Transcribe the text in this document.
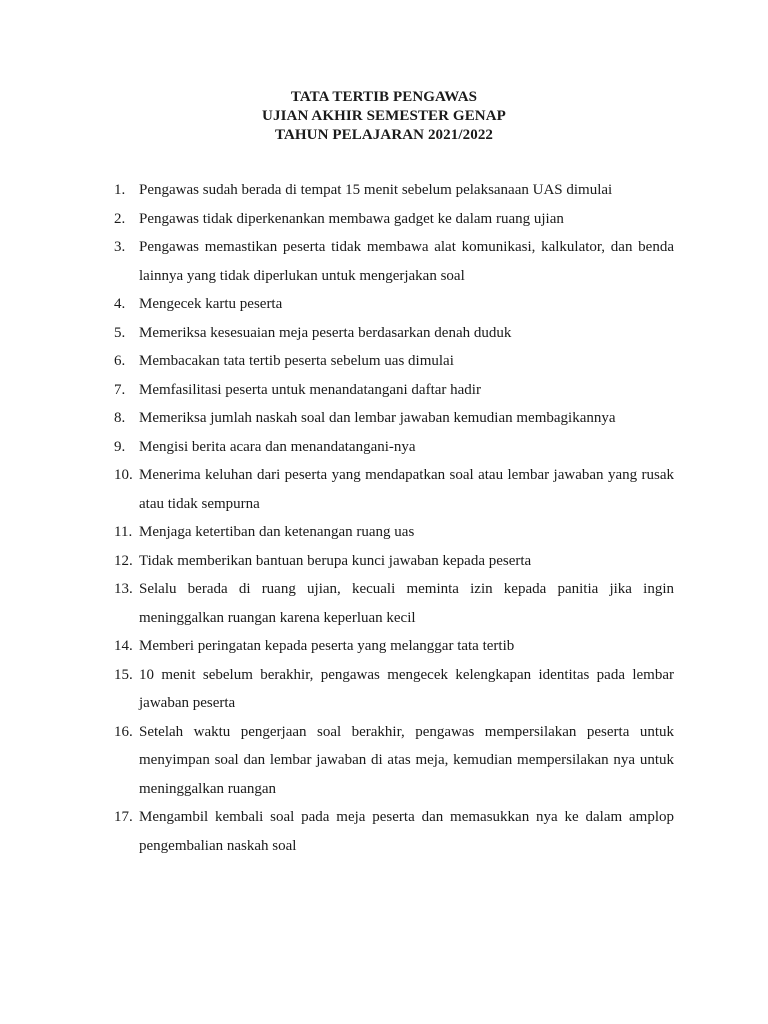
TATA TERTIB PENGAWAS
UJIAN AKHIR SEMESTER GENAP
TAHUN PELAJARAN 2021/2022
1. Pengawas sudah berada di tempat 15 menit sebelum pelaksanaan UAS dimulai
2. Pengawas tidak diperkenankan membawa gadget ke dalam ruang ujian
3. Pengawas memastikan peserta tidak membawa alat komunikasi, kalkulator, dan benda lainnya yang tidak diperlukan untuk mengerjakan soal
4. Mengecek kartu peserta
5. Memeriksa kesesuaian meja peserta berdasarkan denah duduk
6. Membacakan tata tertib peserta sebelum uas dimulai
7. Memfasilitasi peserta untuk menandatangani daftar hadir
8. Memeriksa jumlah naskah soal dan lembar jawaban kemudian membagikannya
9. Mengisi berita acara dan menandatangani-nya
10. Menerima keluhan dari peserta yang mendapatkan soal atau lembar jawaban yang rusak atau tidak sempurna
11. Menjaga ketertiban dan ketenangan ruang uas
12. Tidak memberikan bantuan berupa kunci jawaban kepada peserta
13. Selalu berada di ruang ujian, kecuali meminta izin kepada panitia jika ingin meninggalkan ruangan karena keperluan kecil
14. Memberi peringatan kepada peserta yang melanggar tata tertib
15. 10 menit sebelum berakhir, pengawas mengecek kelengkapan identitas pada lembar jawaban peserta
16. Setelah waktu pengerjaan soal berakhir, pengawas mempersilakan peserta untuk menyimpan soal dan lembar jawaban di atas meja, kemudian mempersilakan nya untuk meninggalkan ruangan
17. Mengambil kembali soal pada meja peserta dan memasukkan nya ke dalam amplop pengembalian naskah soal
